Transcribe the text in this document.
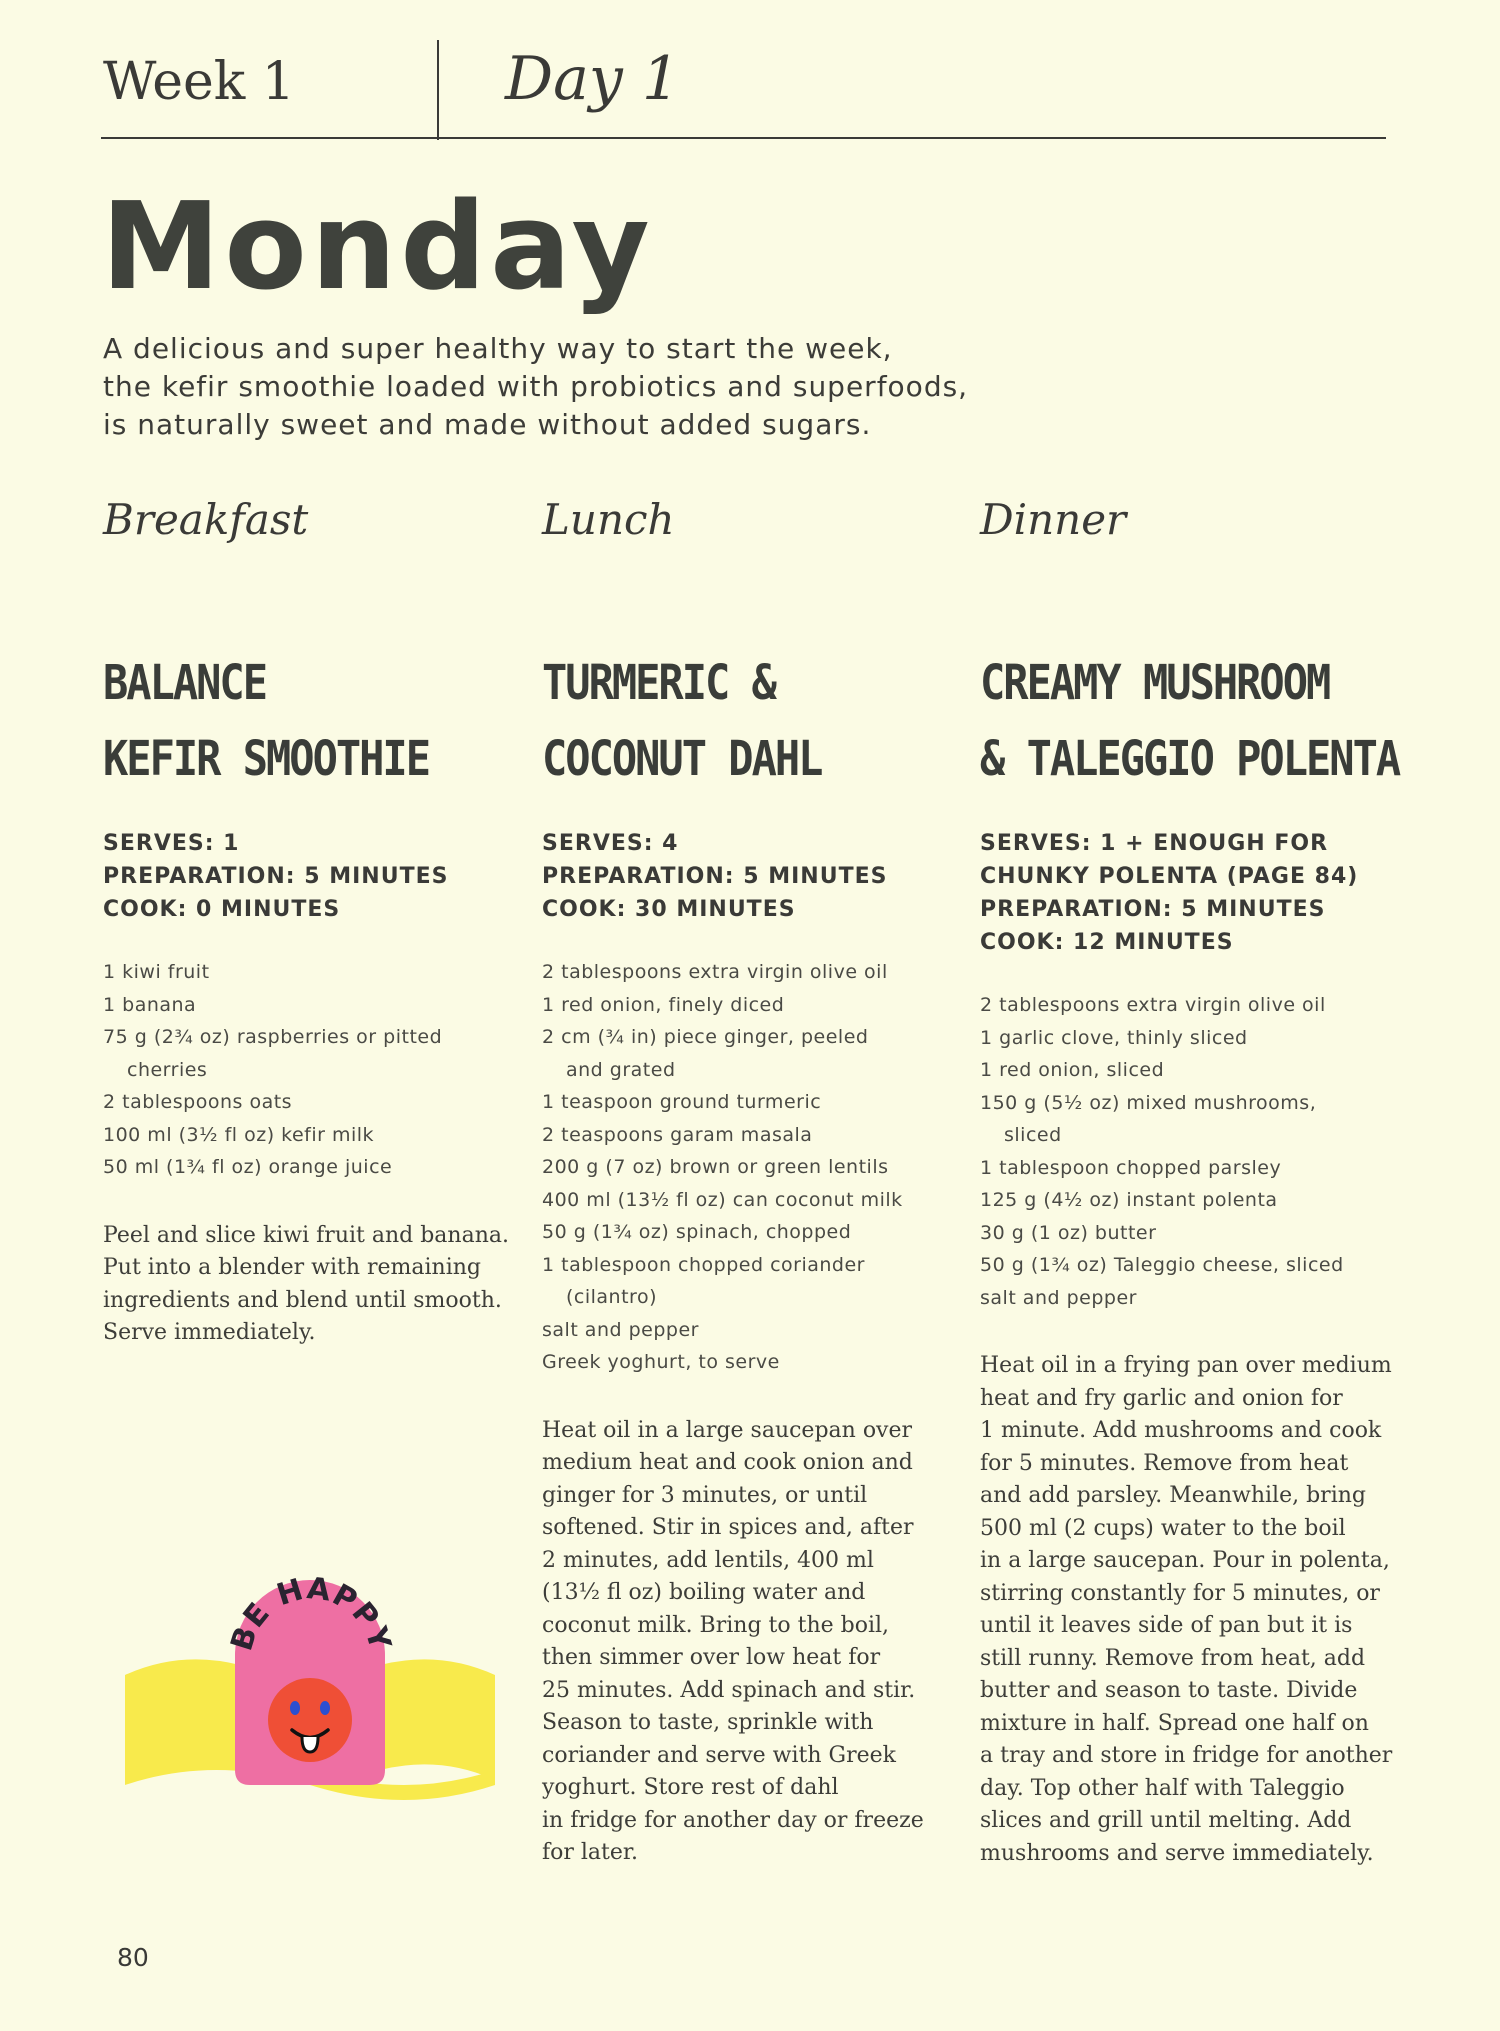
Week 1	Day 1
Monday
A delicious and super healthy way to start the week,
the kefir smoothie loaded with probiotics and superfoods,
is naturally sweet and made without added sugars.
Breakfast
BALANCE
KEFIR SMOOTHIE
SERVES: 1
PREPARATION: 5 MINUTES
COOK: 0 MINUTES
1 kiwi fruit
1 banana
75 g (2¾ oz) raspberries or pitted
cherries
2 tablespoons oats
100 ml (3½ fl oz) kefir milk
50 ml (1¾ fl oz) orange juice
Peel and slice kiwi fruit and banana.
Put into a blender with remaining
ingredients and blend until smooth.
Serve immediately.
Lunch
TURMERIC &
COCONUT DAHL
SERVES: 4
PREPARATION: 5 MINUTES
COOK: 30 MINUTES
2 tablespoons extra virgin olive oil
1 red onion, finely diced
2 cm (¾ in) piece ginger, peeled
and grated
1 teaspoon ground turmeric
2 teaspoons garam masala
200 g (7 oz) brown or green lentils
400 ml (13½ fl oz) can coconut milk
50 g (1¾ oz) spinach, chopped
1 tablespoon chopped coriander
(cilantro)
salt and pepper
Greek yoghurt, to serve
Heat oil in a large saucepan over
medium heat and cook onion and
ginger for 3 minutes, or until
softened. Stir in spices and, after
2 minutes, add lentils, 400 ml
(13½ fl oz) boiling water and
coconut milk. Bring to the boil,
then simmer over low heat for
25 minutes. Add spinach and stir.
Season to taste, sprinkle with
coriander and serve with Greek
yoghurt. Store rest of dahl
in fridge for another day or freeze
for later.
Dinner
CREAMY MUSHROOM
& TALEGGIO POLENTA
SERVES: 1 + ENOUGH FOR
CHUNKY POLENTA (PAGE 84)
PREPARATION: 5 MINUTES
COOK: 12 MINUTES
2 tablespoons extra virgin olive oil
1 garlic clove, thinly sliced
1 red onion, sliced
150 g (5½ oz) mixed mushrooms,
sliced
1 tablespoon chopped parsley
125 g (4½ oz) instant polenta
30 g (1 oz) butter
50 g (1¾ oz) Taleggio cheese, sliced
salt and pepper
Heat oil in a frying pan over medium
heat and fry garlic and onion for
1 minute. Add mushrooms and cook
for 5 minutes. Remove from heat
and add parsley. Meanwhile, bring
500 ml (2 cups) water to the boil
in a large saucepan. Pour in polenta,
stirring constantly for 5 minutes, or
until it leaves side of pan but it is
still runny. Remove from heat, add
butter and season to taste. Divide
mixture in half. Spread one half on
a tray and store in fridge for another
day. Top other half with Taleggio
slices and grill until melting. Add
mushrooms and serve immediately.
BE HAPPY
80
